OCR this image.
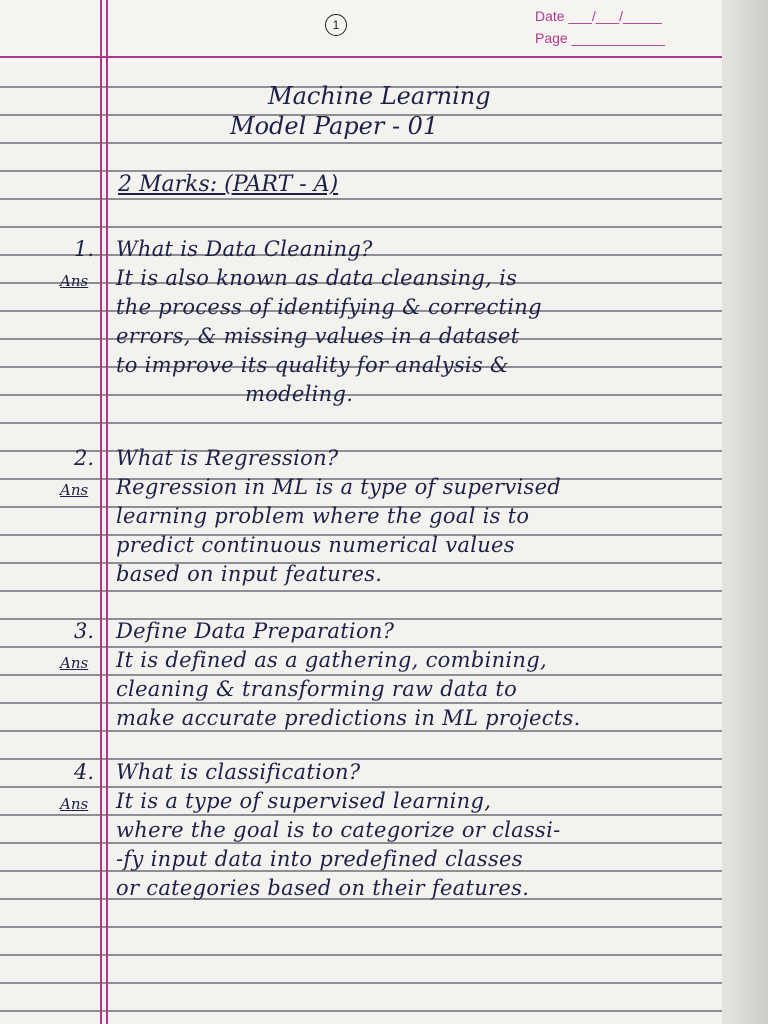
1
Date ___/___/_____
Page ____________
Machine Learning
Model Paper - 01
2 Marks: (PART - A)
1. What is Data Cleaning?
Ans It is also known as data cleansing, is
the process of identifying & correcting
errors, & missing values in a dataset
to improve its quality for analysis &
modeling.
2. What is Regression?
Ans Regression in ML is a type of supervised
learning problem where the goal is to
predict continuous numerical values
based on input features.
3. Define Data Preparation?
Ans It is defined as a gathering, combining,
cleaning & transforming raw data to
make accurate predictions in ML projects.
4. What is classification?
Ans It is a type of supervised learning,
where the goal is to categorize or classi-
-fy input data into predefined classes
or categories based on their features.
